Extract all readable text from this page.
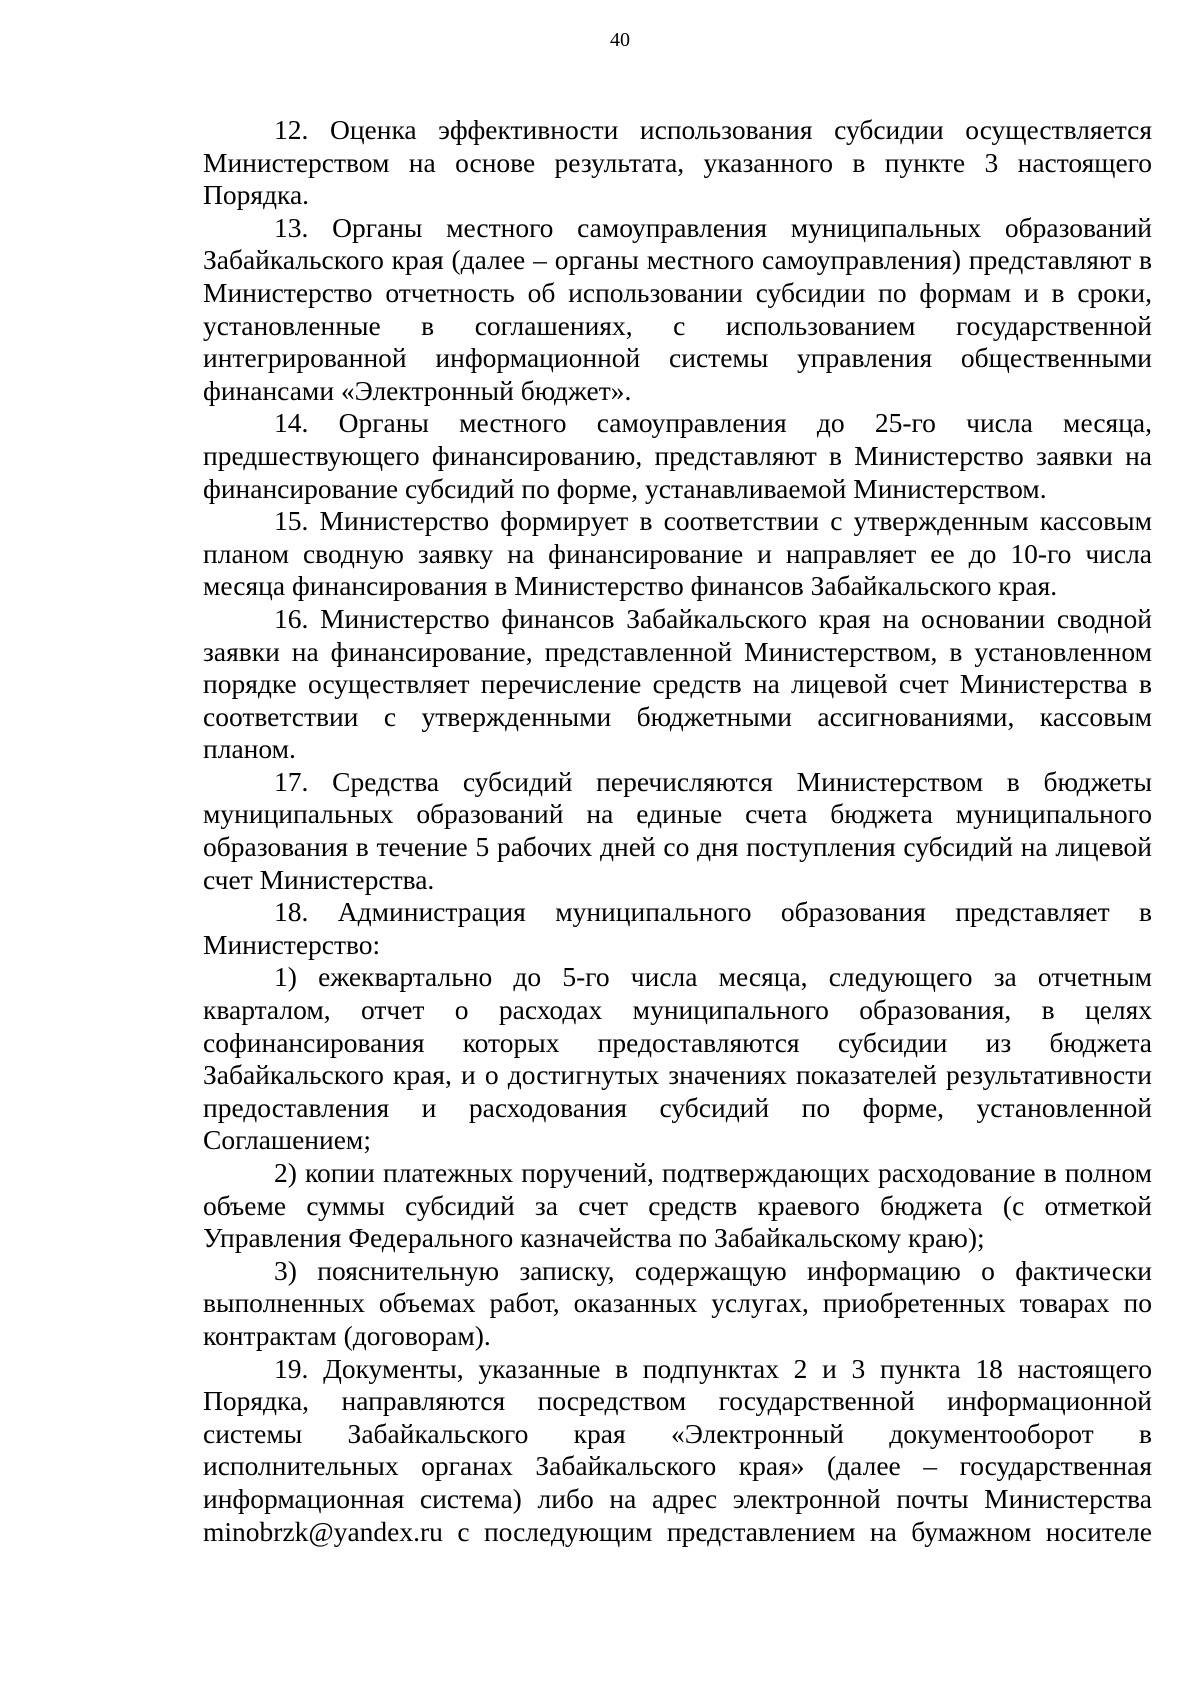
40

12. Оценка эффективности использования субсидии осуществляется Министерством на основе результата, указанного в пункте 3 настоящего Порядка.

13. Органы местного самоуправления муниципальных образований Забайкальского края (далее – органы местного самоуправления) представляют в Министерство отчетность об использовании субсидии по формам и в сроки, установленные в соглашениях, с использованием государственной интегрированной информационной системы управления общественными финансами «Электронный бюджет».

14. Органы местного самоуправления до 25-го числа месяца, предшествующего финансированию, представляют в Министерство заявки на финансирование субсидий по форме, устанавливаемой Министерством.

15. Министерство формирует в соответствии с утвержденным кассовым планом сводную заявку на финансирование и направляет ее до 10-го числа месяца финансирования в Министерство финансов Забайкальского края.

16. Министерство финансов Забайкальского края на основании сводной заявки на финансирование, представленной Министерством, в установленном порядке осуществляет перечисление средств на лицевой счет Министерства в соответствии с утвержденными бюджетными ассигнованиями, кассовым планом.

17. Средства субсидий перечисляются Министерством в бюджеты муниципальных образований на единые счета бюджета муниципального образования в течение 5 рабочих дней со дня поступления субсидий на лицевой счет Министерства.

18. Администрация муниципального образования представляет в Министерство:

1) ежеквартально до 5-го числа месяца, следующего за отчетным кварталом, отчет о расходах муниципального образования, в целях софинансирования которых предоставляются субсидии из бюджета Забайкальского края, и о достигнутых значениях показателей результативности предоставления и расходования субсидий по форме, установленной Соглашением;

2) копии платежных поручений, подтверждающих расходование в полном объеме суммы субсидий за счет средств краевого бюджета (с отметкой Управления Федерального казначейства по Забайкальскому краю);

3) пояснительную записку, содержащую информацию о фактически выполненных объемах работ, оказанных услугах, приобретенных товарах по контрактам (договорам).

19. Документы, указанные в подпунктах 2 и 3 пункта 18 настоящего Порядка, направляются посредством государственной информационной системы Забайкальского края «Электронный документооборот в исполнительных органах Забайкальского края» (далее – государственная информационная система) либо на адрес электронной почты Министерства minobrzk@yandex.ru с последующим представлением на бумажном носителе
